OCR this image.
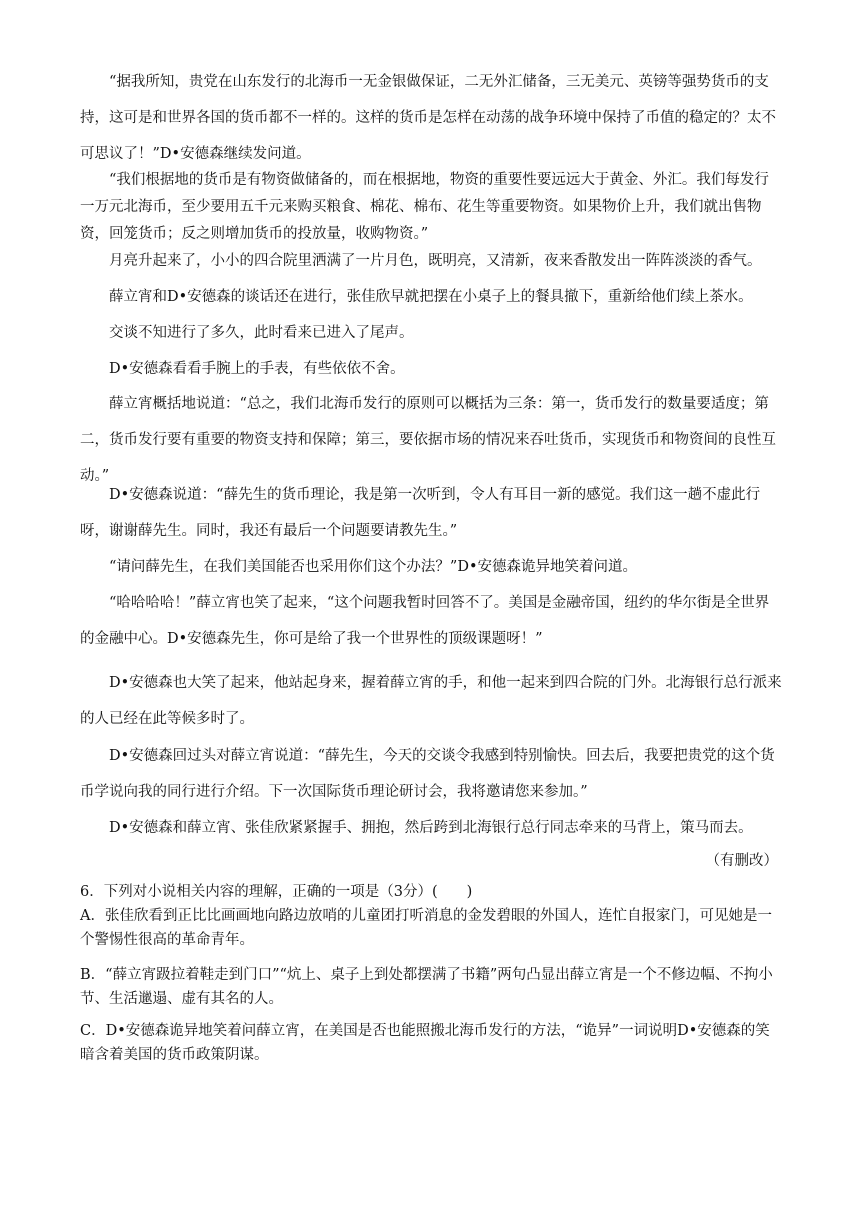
“据我所知，贵党在山东发行的北海币一无金银做保证，二无外汇储备，三无美元、英镑等强势货币的支持，这可是和世界各国的货币都不一样的。这样的货币是怎样在动荡的战争环境中保持了币值的稳定的？太不可思议了！”D•安德森继续发问道。

“我们根据地的货币是有物资做储备的，而在根据地，物资的重要性要远远大于黄金、外汇。我们每发行一万元北海币，至少要用五千元来购买粮食、棉花、棉布、花生等重要物资。如果物价上升，我们就出售物资，回笼货币；反之则增加货币的投放量，收购物资。”

月亮升起来了，小小的四合院里洒满了一片月色，既明亮，又清新，夜来香散发出一阵阵淡淡的香气。

薛立宵和D•安德森的谈话还在进行，张佳欣早就把摆在小桌子上的餐具撤下，重新给他们续上茶水。

交谈不知进行了多久，此时看来已进入了尾声。

D•安德森看看手腕上的手表，有些依依不舍。

薛立宵概括地说道：“总之，我们北海币发行的原则可以概括为三条：第一，货币发行的数量要适度；第二，货币发行要有重要的物资支持和保障；第三，要依据市场的情况来吞吐货币，实现货币和物资间的良性互动。”

D•安德森说道：“薛先生的货币理论，我是第一次听到，令人有耳目一新的感觉。我们这一趟不虚此行呀，谢谢薛先生。同时，我还有最后一个问题要请教先生。”

“请问薛先生，在我们美国能否也采用你们这个办法？”D•安德森诡异地笑着问道。

“哈哈哈哈！”薛立宵也笑了起来，“这个问题我暂时回答不了。美国是金融帝国，纽约的华尔街是全世界的金融中心。D•安德森先生，你可是给了我一个世界性的顶级课题呀！”

D•安德森也大笑了起来，他站起身来，握着薛立宵的手，和他一起来到四合院的门外。北海银行总行派来的人已经在此等候多时了。

D•安德森回过头对薛立宵说道：“薛先生，今天的交谈令我感到特别愉快。回去后，我要把贵党的这个货币学说向我的同行进行介绍。下一次国际货币理论研讨会，我将邀请您来参加。”

D•安德森和薛立宵、张佳欣紧紧握手、拥抱，然后跨到北海银行总行同志牵来的马背上，策马而去。

（有删改）
6．下列对小说相关内容的理解，正确的一项是（3分）(　　)
A．张佳欣看到正比比画画地向路边放哨的儿童团打听消息的金发碧眼的外国人，连忙自报家门，可见她是一个警惕性很高的革命青年。
B．“薛立宵趿拉着鞋走到门口”“炕上、桌子上到处都摆满了书籍”两句凸显出薛立宵是一个不修边幅、不拘小节、生活邋遢、虚有其名的人。
C．D•安德森诡异地笑着问薛立宵，在美国是否也能照搬北海币发行的方法，“诡异”一词说明D•安德森的笑暗含着美国的货币政策阴谋。
